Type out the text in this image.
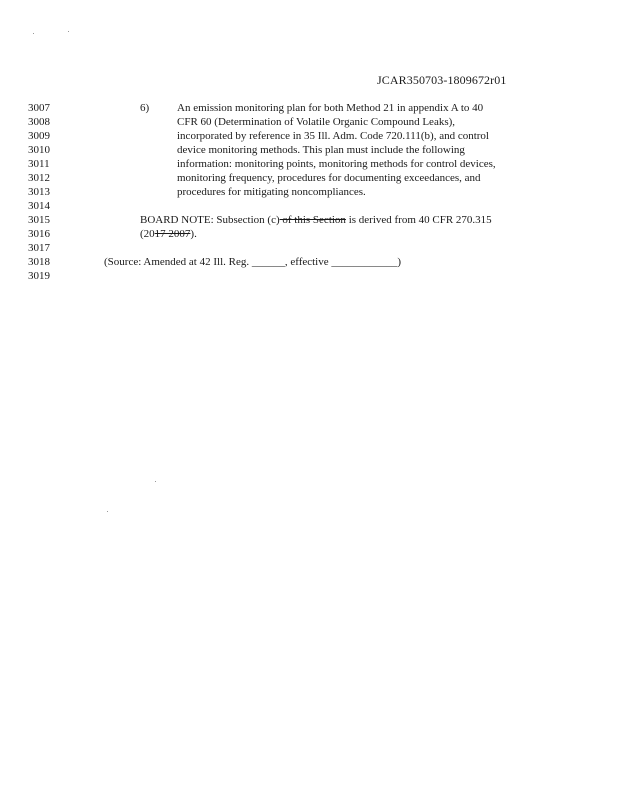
JCAR350703-1809672r01
3007
3008
3009
3010
3011
3012
3013
3014
3015
3016
3017
3018
3019
6)	An emission monitoring plan for both Method 21 in appendix A to 40
CFR 60 (Determination of Volatile Organic Compound Leaks),
incorporated by reference in 35 Ill. Adm. Code 720.111(b), and control
device monitoring methods. This plan must include the following
information: monitoring points, monitoring methods for control devices,
monitoring frequency, procedures for documenting exceedances, and
procedures for mitigating noncompliances.
BOARD NOTE: Subsection (c) of this Section is derived from 40 CFR 270.315
(2017 2007).
(Source: Amended at 42 Ill. Reg. ______, effective ____________)
